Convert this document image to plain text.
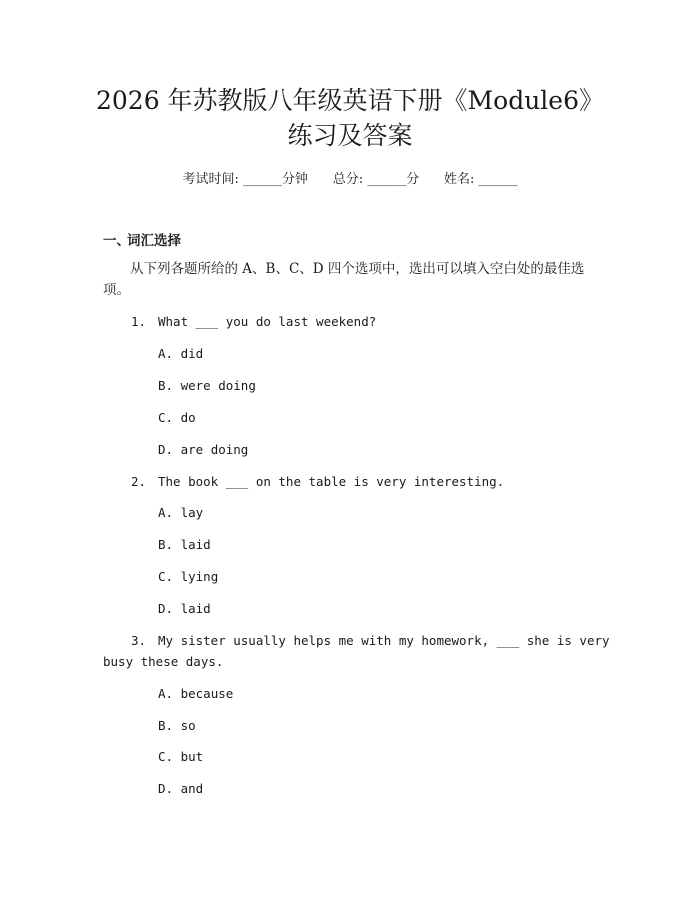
2026 年苏教版八年级英语下册《Module6》
练习及答案
考试时间: ______分钟      总分: ______分      姓名: ______
一、词汇选择

从下列各题所给的 A、B、C、D 四个选项中，选出可以填入空白处的最佳选项。

1. What ___ you do last weekend?
A. did
B. were doing
C. do
D. are doing
2. The book ___ on the table is very interesting.
A. lay
B. laid
C. lying
D. laid
3. My sister usually helps me with my homework, ___ she is very
busy these days.
A. because
B. so
C. but
D. and
